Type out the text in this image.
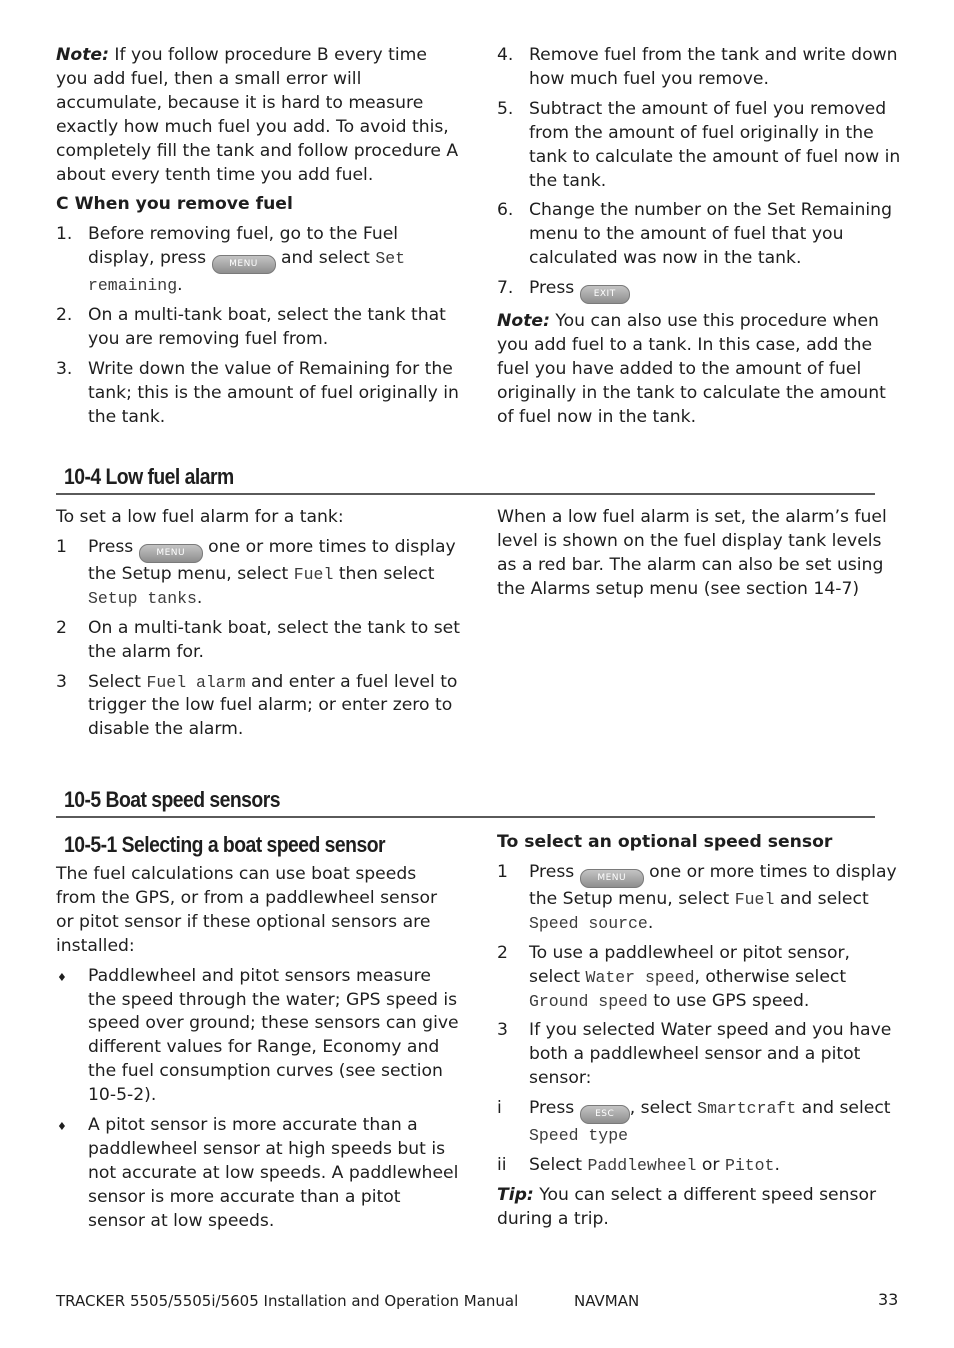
Note: If you follow procedure B every time you add fuel, then a small error will accumulate, because it is hard to measure exactly how much fuel you add. To avoid this, completely fill the tank and follow procedure A about every tenth time you add fuel.

C When you remove fuel

1. Before removing fuel, go to the Fuel display, press	MENU and select Set remaining.
2. On a multi-tank boat, select the tank that you are removing fuel from.
3. Write down the value of Remaining for the tank; this is the amount of fuel originally in the tank.
4. Remove fuel from the tank and write down how much fuel you remove.
5. Subtract the amount of fuel you removed from the amount of fuel originally in the tank to calculate the amount of fuel now in the tank.
6. Change the number on the Set Remaining menu to the amount of fuel that you calculated was now in the tank.
7. Press EXIT

Note: You can also use this procedure when you add fuel to a tank. In this case, add the fuel you have added to the amount of fuel originally in the tank to calculate the amount of fuel now in the tank.

10-4 Low fuel alarm

To set a low fuel alarm for a tank:

1 Press	MENU one or more times to display the Setup menu, select Fuel then select Setup tanks.
2 On a multi-tank boat, select the tank to set the alarm for.
3 Select Fuel alarm and enter a fuel level to trigger the low fuel alarm; or enter zero to disable the alarm.

When a low fuel alarm is set, the alarm’s fuel level is shown on the fuel display tank levels as a red bar. The alarm can also be set using the Alarms setup menu (see section 14-7)

10-5 Boat speed sensors
10-5-1 Selecting a boat speed sensor

The fuel calculations can use boat speeds from the GPS, or from a paddlewheel sensor or pitot sensor if these optional sensors are installed:

♦ Paddlewheel and pitot sensors measure the speed through the water; GPS speed is speed over ground; these sensors can give different values for Range, Economy and the fuel consumption curves (see section 10-5-2).
♦ A pitot sensor is more accurate than a paddlewheel sensor at high speeds but is not accurate at low speeds. A paddlewheel sensor is more accurate than a pitot sensor at low speeds.

To select an optional speed sensor

1 Press	MENU one or more times to display the Setup menu, select Fuel and select Speed source.
2 To use a paddlewheel or pitot sensor, select Water speed, otherwise select Ground speed to use GPS speed.
3 If you selected Water speed and you have both a paddlewheel sensor and a pitot sensor:
i Press ESC , select Smartcraft and select Speed type
ii Select Paddlewheel or Pitot.

Tip: You can select a different speed sensor during a trip.

TRACKER 5505/5505i/5605 Installation and Operation Manual	NAVMAN	33
